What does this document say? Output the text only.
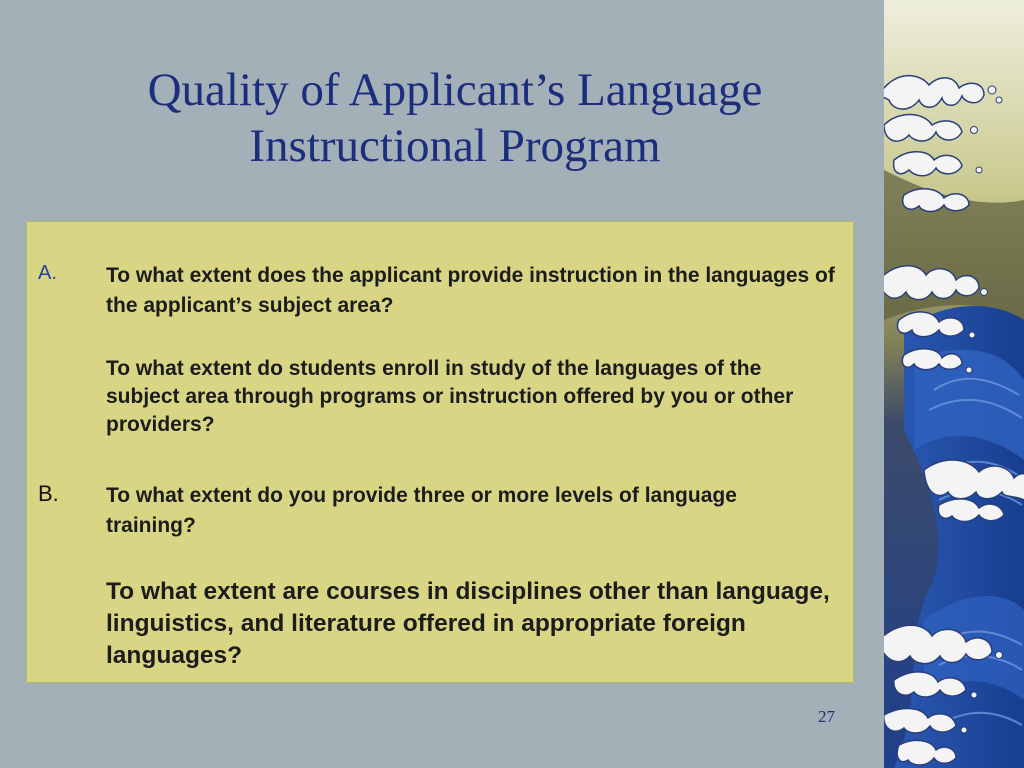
Quality of Applicant’s Language
Instructional Program
A. To what extent does the applicant provide instruction in the languages of the applicant’s subject area?
To what extent do students enroll in study of the languages of the subject area through programs or instruction offered by you or other providers?
B. To what extent do you provide three or more levels of language training?
To what extent are courses in disciplines other than language, linguistics, and literature offered in appropriate foreign languages?
27
